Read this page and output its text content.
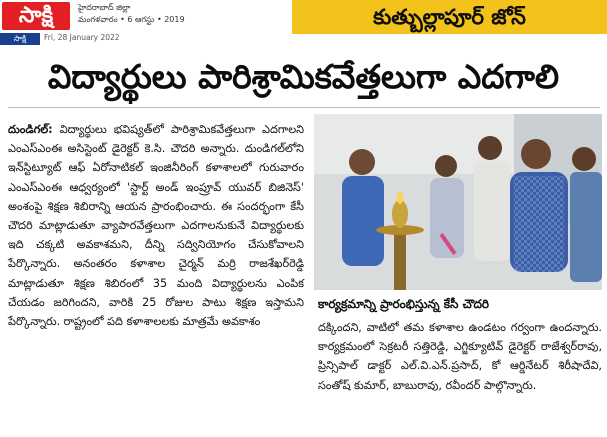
సాక్షి
సాక్షి
హైదరాబాద్ జిల్లా
మంగళవారం • 6 ఆగస్టు • 2019
Fri, 28 January 2022
కుత్బుల్లాపూర్ జోన్
విద్యార్థులు పారిశ్రామికవేత్తలుగా ఎదగాలి

దుండిగల్: విద్యార్థులు భవిష్యత్‌లో పారిశ్రామికవేత్తలుగా ఎదగాలని ఎంఎస్ఎంఈ అసిస్టెంట్ డైరెక్టర్ కె.సి. చౌదరి అన్నారు. దుండిగల్‌లోని ఇన్‌స్టిట్యూట్ ఆఫ్ ఏరోనాటికల్ ఇంజినీరింగ్ కళాశాలలో గురువారం ఎంఎస్ఎంఈ ఆధ్వర్యంలో 'స్టార్ట్ అండ్ ఇంప్రూవ్ యువర్ బిజినెస్' అంశంపై శిక్షణ శిబిరాన్ని ఆయన ప్రారంభించారు. ఈ సందర్భంగా కేసీ చౌదరి మాట్లాడుతూ వ్యాపారవేత్తలుగా ఎదగాలనుకునే విద్యార్థులకు ఇది చక్కటి అవకాశమని, దీన్ని సద్వినియోగం చేసుకోవాలని పేర్కొన్నారు. అనంతరం కళాశాల చైర్మన్ మర్రి రాజశేఖర్‌రెడ్డి మాట్లాడుతూ శిక్షణ శిబిరంలో 35 మంది విద్యార్థులను ఎంపిక చేయడం జరిగిందని, వారికి 25 రోజుల పాటు శిక్షణ ఇస్తామని పేర్కొన్నారు. రాష్ట్రంలో పది కళాశాలలకు మాత్రమే అవకాశం

కార్యక్రమాన్ని ప్రారంభిస్తున్న కేసీ చౌదరి

దక్కిందని, వాటిలో తమ కళాశాల ఉండటం గర్వంగా ఉందన్నారు. కార్యక్రమంలో సెక్రటరీ సత్తిరెడ్డి, ఎగ్జిక్యూటివ్ డైరెక్టర్ రాజేశ్వర్‌రావు, ప్రిన్సిపాల్ డాక్టర్ ఎల్.వి.ఎన్.ప్రసాద్, కో ఆర్డినేటర్ శిరీషాదేవి, సంతోష్ కుమార్, బాబురావు, రవీందర్ పాల్గొన్నారు.
